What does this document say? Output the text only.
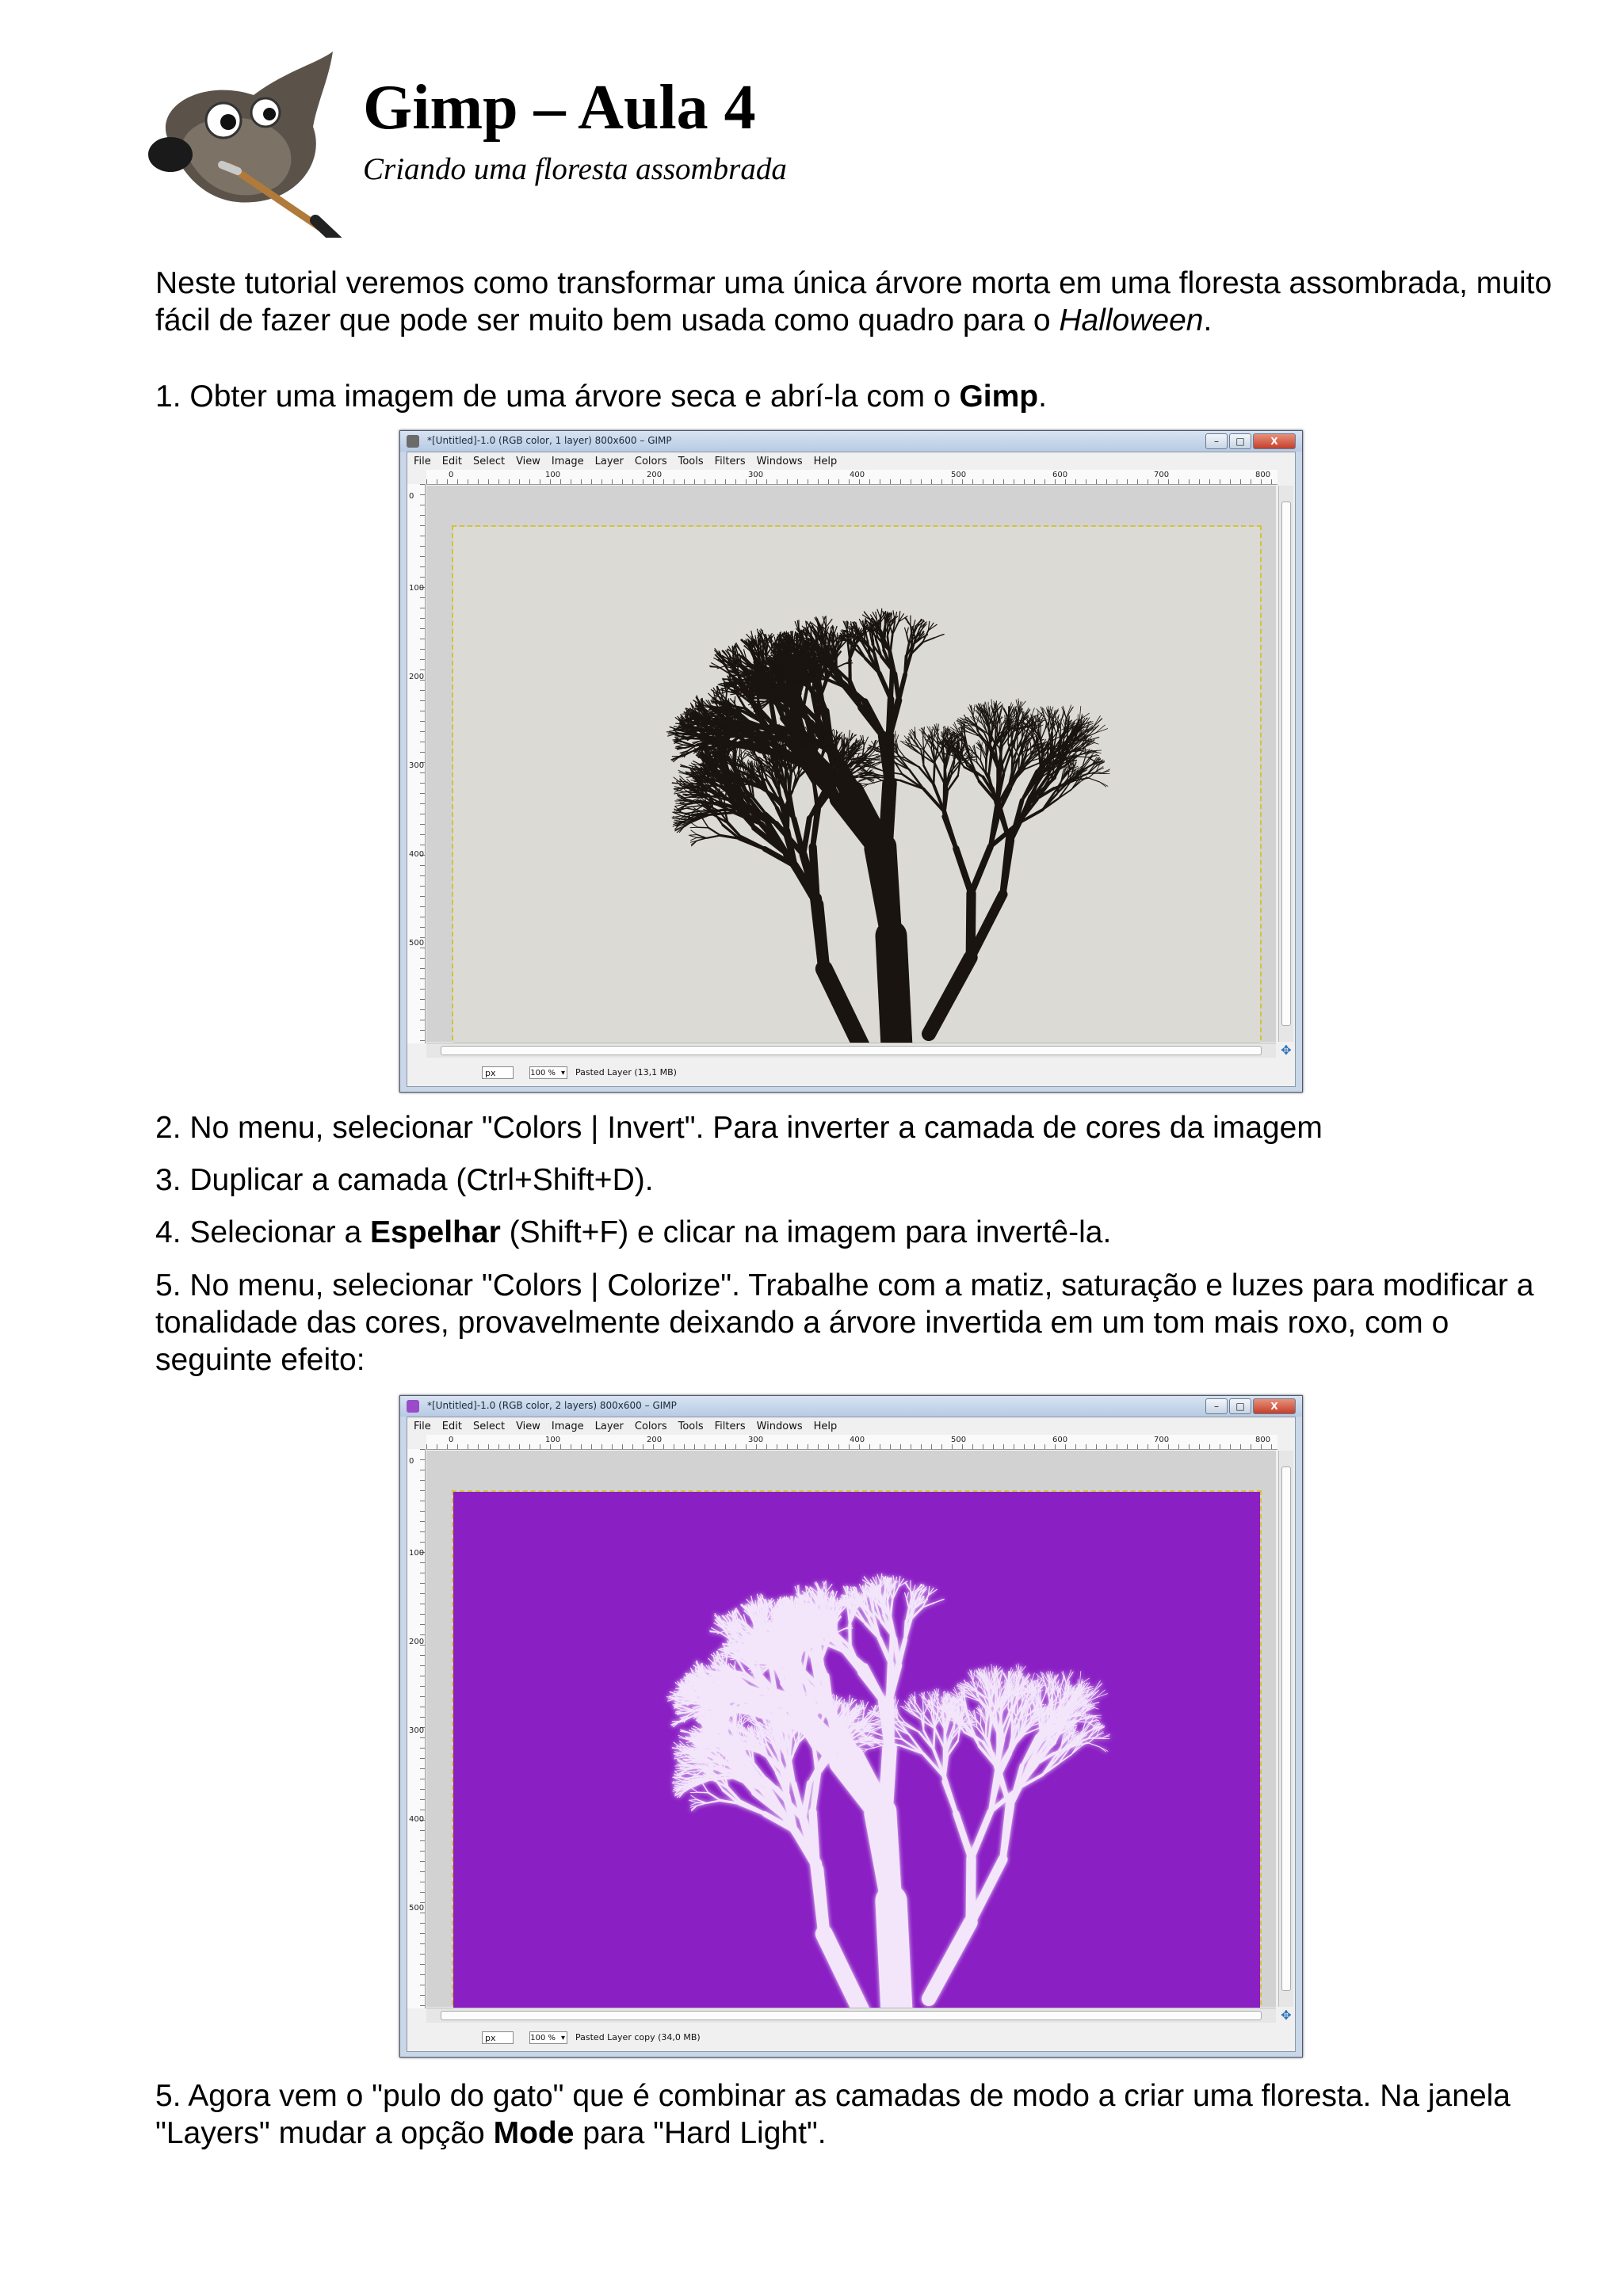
Gimp – Aula 4
Criando uma floresta assombrada
Neste tutorial veremos como transformar uma única árvore morta em uma floresta assombrada, muito fácil de fazer que pode ser muito bem usada como quadro para o Halloween.
1. Obter uma imagem de uma árvore seca e abrí-la com o Gimp.
*[Untitled]-1.0 (RGB color, 1 layer) 800x600 – GIMP	–	□	X
File Edit Select View Image Layer Colors Tools Filters Windows Help
0	100	200	300	400	500	600	700	800
0
100
200
300
400
500
✥
px	100 % ▾	Pasted Layer (13,1 MB)
2. No menu, selecionar "Colors | Invert". Para inverter a camada de cores da imagem
3. Duplicar a camada (Ctrl+Shift+D).
4. Selecionar a Espelhar (Shift+F) e clicar na imagem para invertê-la.
5. No menu, selecionar "Colors | Colorize". Trabalhe com a matiz, saturação e luzes para modificar a tonalidade das cores, provavelmente deixando a árvore invertida em um tom mais roxo, com o seguinte efeito:
*[Untitled]-1.0 (RGB color, 2 layers) 800x600 – GIMP	–	□	X
File Edit Select View Image Layer Colors Tools Filters Windows Help
0	100	200	300	400	500	600	700	800
0
100
200
300
400
500
✥
px	100 % ▾	Pasted Layer copy (34,0 MB)
5. Agora vem o "pulo do gato" que é combinar as camadas de modo a criar uma floresta. Na janela "Layers" mudar a opção Mode para "Hard Light".
